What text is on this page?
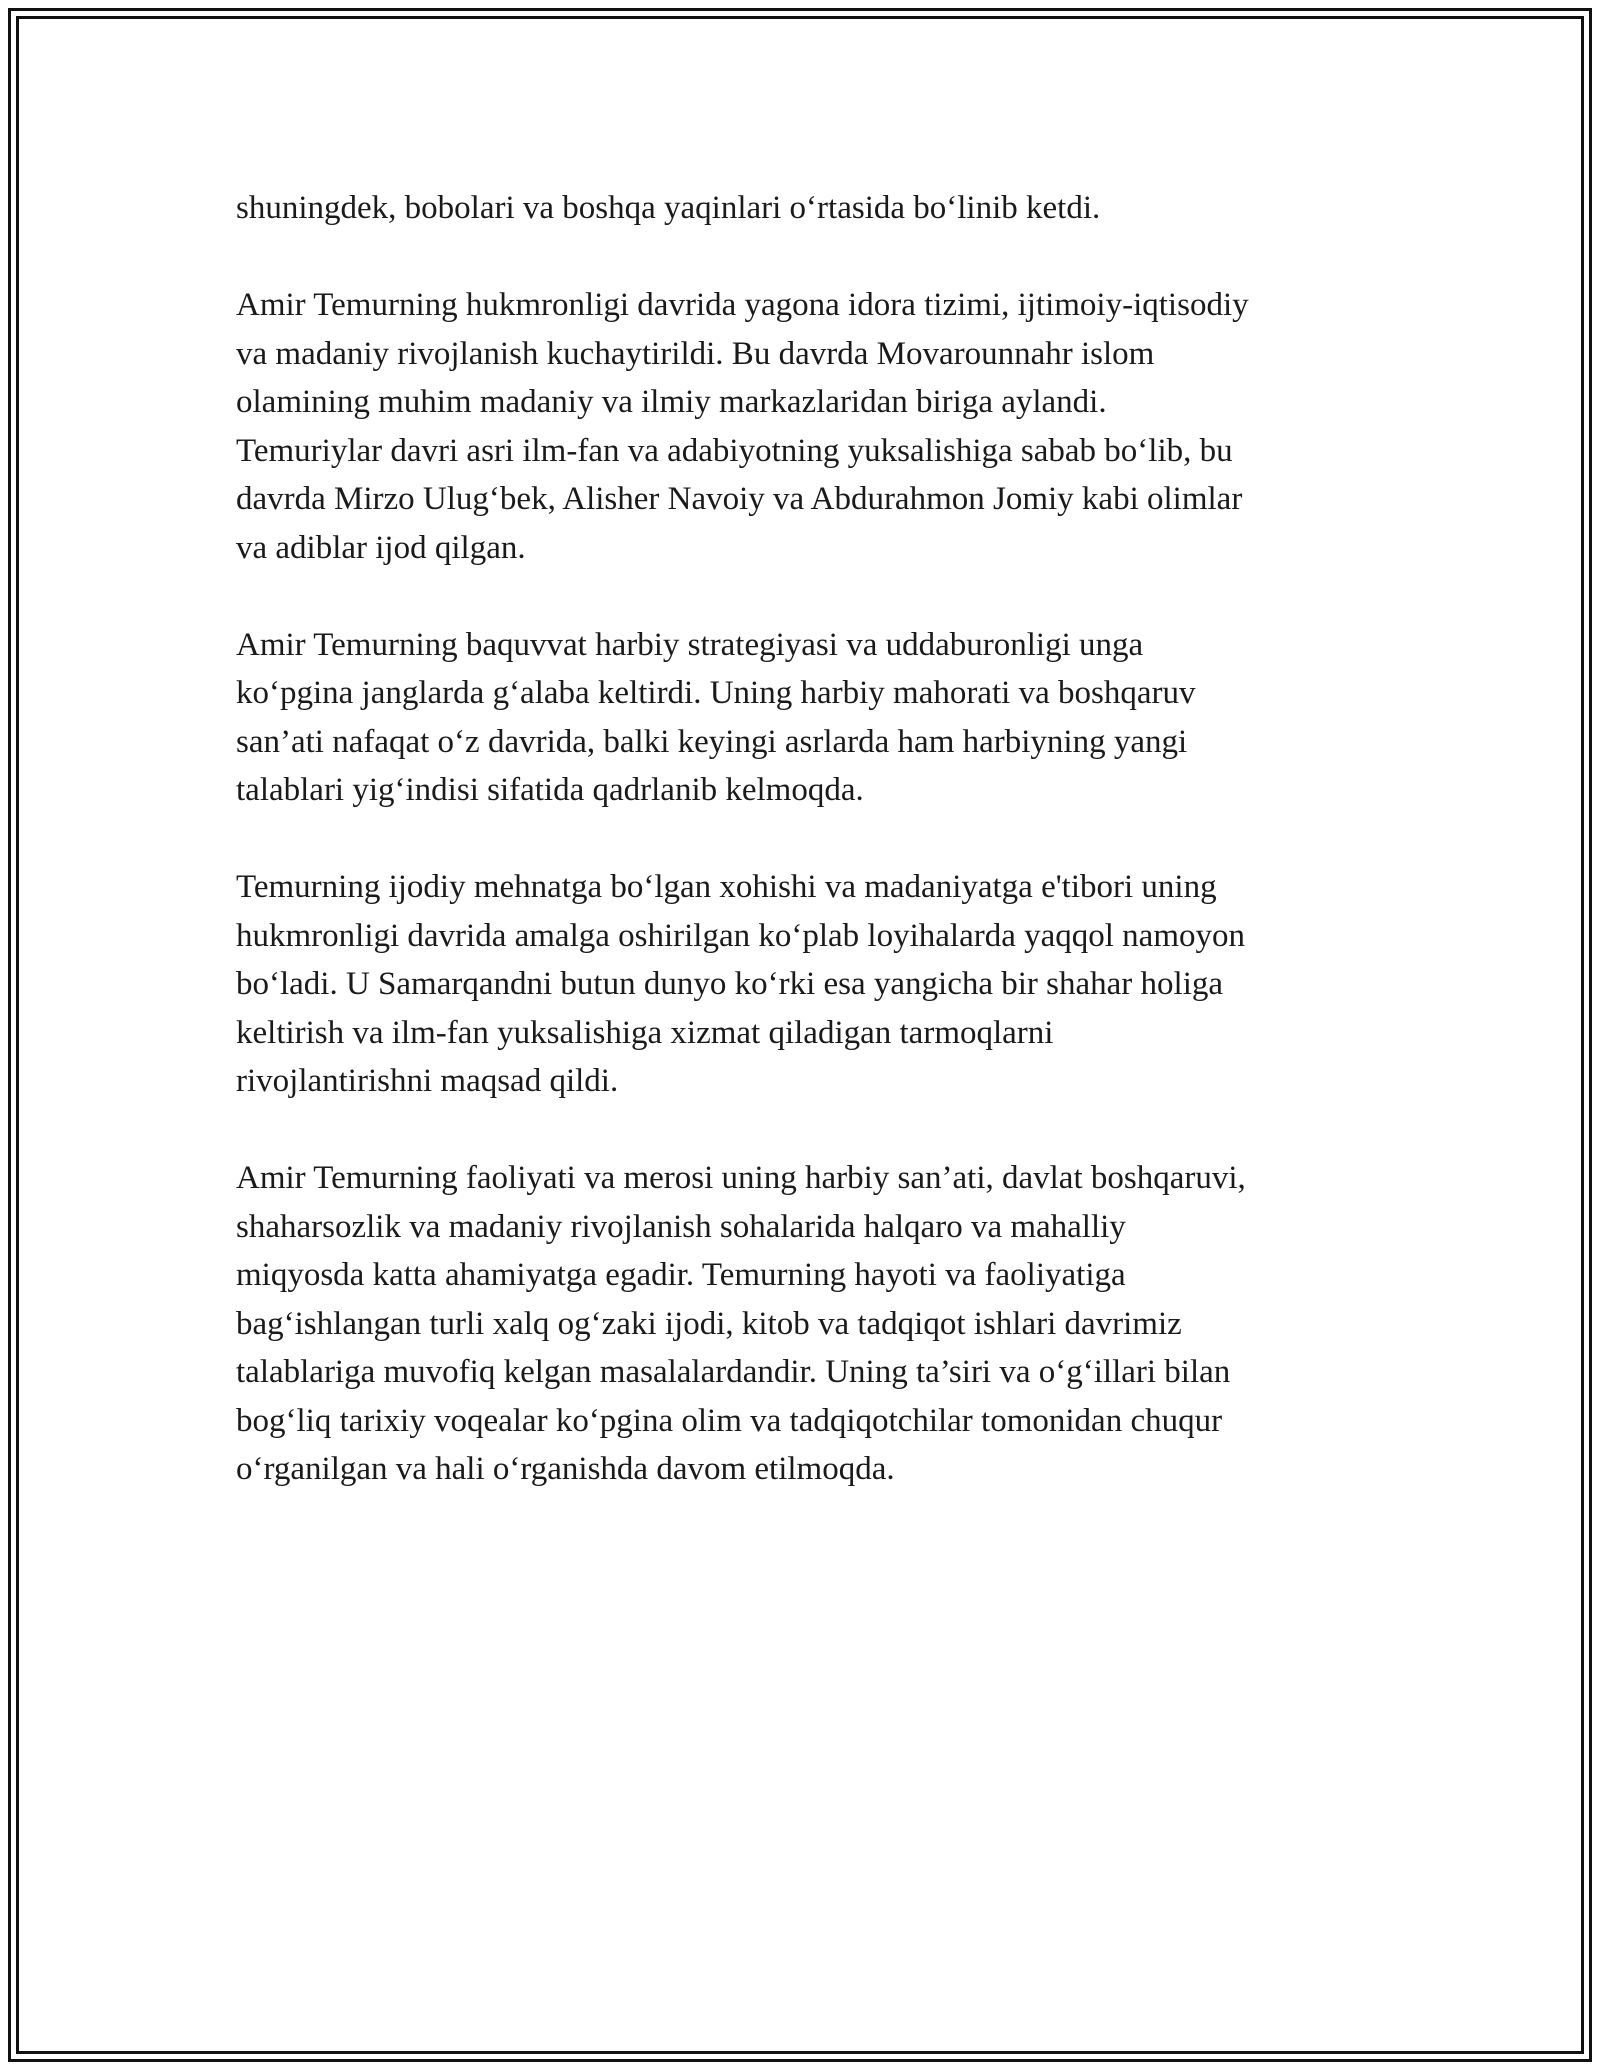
shuningdek, bobolari va boshqa yaqinlari o‘rtasida bo‘linib ketdi.

Amir Temurning hukmronligi davrida yagona idora tizimi, ijtimoiy-iqtisodiy
va madaniy rivojlanish kuchaytirildi. Bu davrda Movarounnahr islom
olamining muhim madaniy va ilmiy markazlaridan biriga aylandi.
Temuriylar davri asri ilm-fan va adabiyotning yuksalishiga sabab bo‘lib, bu
davrda Mirzo Ulug‘bek, Alisher Navoiy va Abdurahmon Jomiy kabi olimlar
va adiblar ijod qilgan.

Amir Temurning baquvvat harbiy strategiyasi va uddaburonligi unga
ko‘pgina janglarda g‘alaba keltirdi. Uning harbiy mahorati va boshqaruv
san’ati nafaqat o‘z davrida, balki keyingi asrlarda ham harbiyning yangi
talablari yig‘indisi sifatida qadrlanib kelmoqda.

Temurning ijodiy mehnatga bo‘lgan xohishi va madaniyatga e'tibori uning
hukmronligi davrida amalga oshirilgan ko‘plab loyihalarda yaqqol namoyon
bo‘ladi. U Samarqandni butun dunyo ko‘rki esa yangicha bir shahar holiga
keltirish va ilm-fan yuksalishiga xizmat qiladigan tarmoqlarni
rivojlantirishni maqsad qildi.

Amir Temurning faoliyati va merosi uning harbiy san’ati, davlat boshqaruvi,
shaharsozlik va madaniy rivojlanish sohalarida halqaro va mahalliy
miqyosda katta ahamiyatga egadir. Temurning hayoti va faoliyatiga
bag‘ishlangan turli xalq og‘zaki ijodi, kitob va tadqiqot ishlari davrimiz
talablariga muvofiq kelgan masalalardandir. Uning ta’siri va o‘g‘illari bilan
bog‘liq tarixiy voqealar ko‘pgina olim va tadqiqotchilar tomonidan chuqur
o‘rganilgan va hali o‘rganishda davom etilmoqda.
